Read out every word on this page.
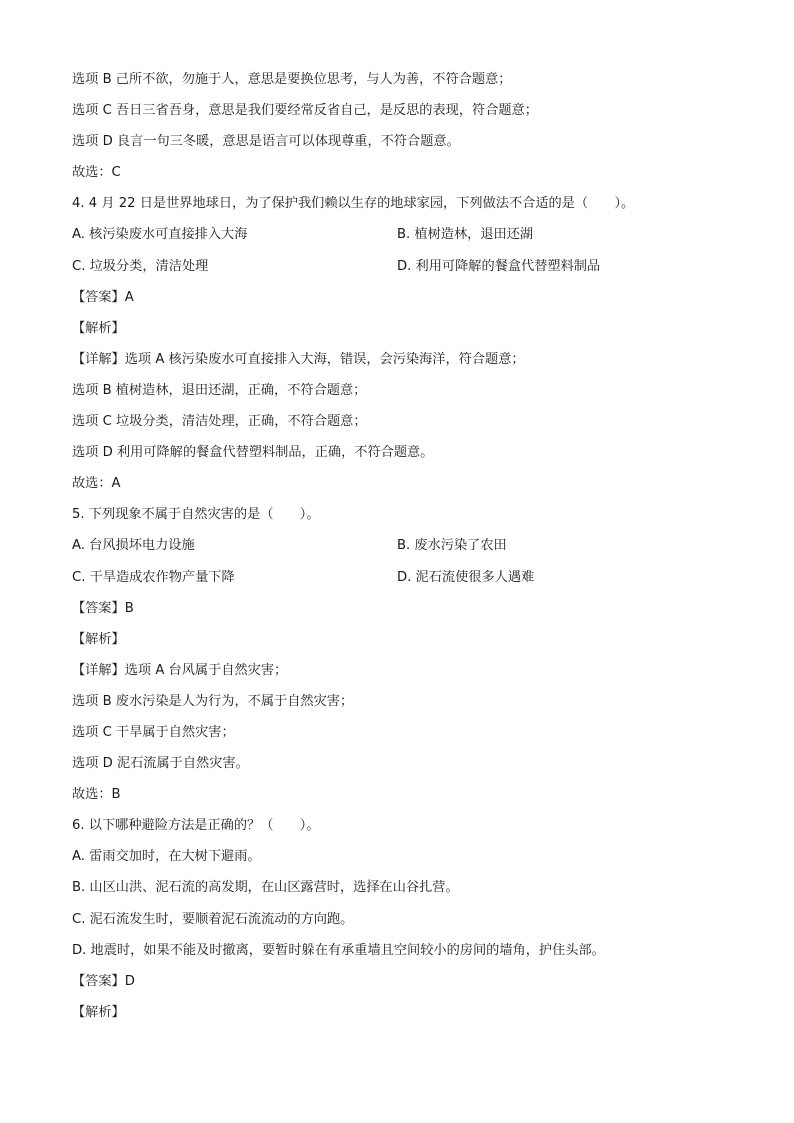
选项 B 己所不欲，勿施于人，意思是要换位思考，与人为善，不符合题意；
选项 C 吾日三省吾身，意思是我们要经常反省自己，是反思的表现，符合题意；
选项 D 良言一句三冬暖，意思是语言可以体现尊重，不符合题意。
故选：C
4. 4 月 22 日是世界地球日，为了保护我们赖以生存的地球家园，下列做法不合适的是（　　）。
A. 核污染废水可直接排入大海	B. 植树造林，退田还湖
C. 垃圾分类，清洁处理	D. 利用可降解的餐盒代替塑料制品
【答案】A
【解析】
【详解】选项 A 核污染废水可直接排入大海，错误，会污染海洋，符合题意；
选项 B 植树造林，退田还湖，正确，不符合题意；
选项 C 垃圾分类，清洁处理，正确，不符合题意；
选项 D 利用可降解的餐盒代替塑料制品，正确，不符合题意。
故选：A
5. 下列现象不属于自然灾害的是（　　）。
A. 台风损坏电力设施	B. 废水污染了农田
C. 干旱造成农作物产量下降	D. 泥石流使很多人遇难
【答案】B
【解析】
【详解】选项 A 台风属于自然灾害；
选项 B 废水污染是人为行为，不属于自然灾害；
选项 C 干旱属于自然灾害；
选项 D 泥石流属于自然灾害。
故选：B
6. 以下哪种避险方法是正确的？（　　）。
A. 雷雨交加时，在大树下避雨。
B. 山区山洪、泥石流的高发期，在山区露营时，选择在山谷扎营。
C. 泥石流发生时，要顺着泥石流流动的方向跑。
D. 地震时，如果不能及时撤离，要暂时躲在有承重墙且空间较小的房间的墙角，护住头部。
【答案】D
【解析】
